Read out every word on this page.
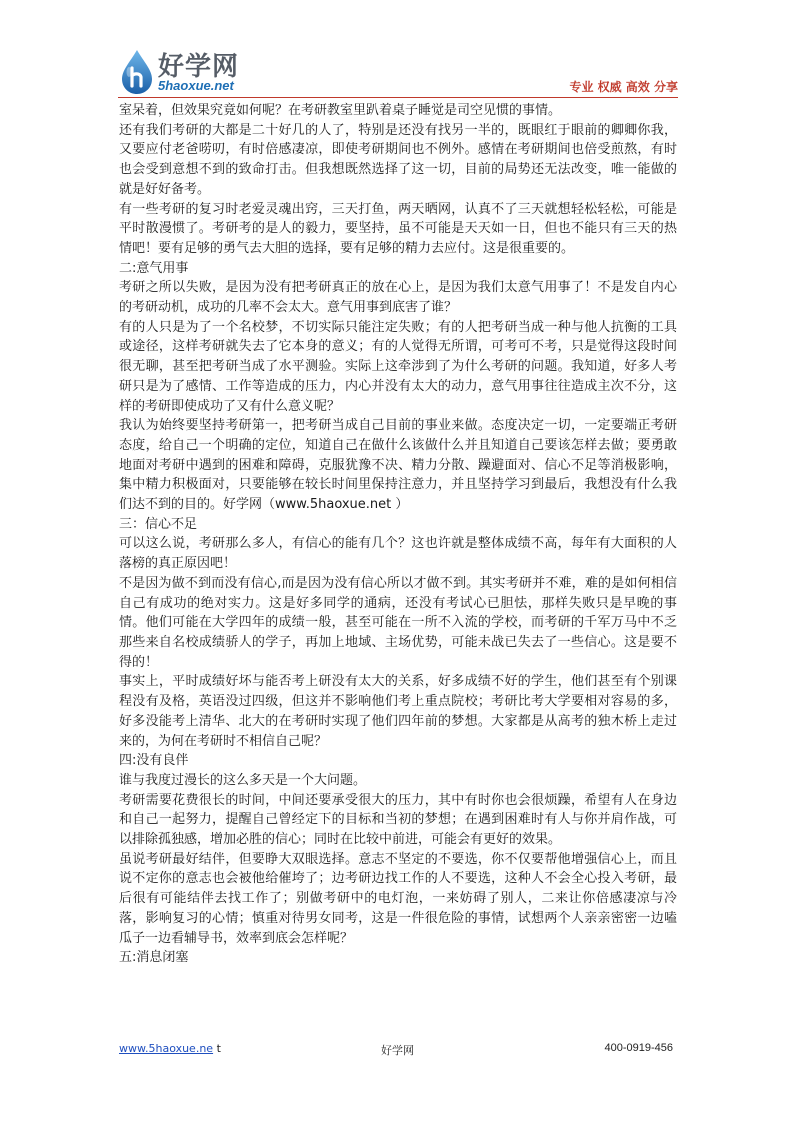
好学网
5haoxue.net	专业 权威 高效 分享

室呆着，但效果究竟如何呢？在考研教室里趴着桌子睡觉是司空见惯的事情。

还有我们考研的大都是二十好几的人了，特别是还没有找另一半的，既眼红于眼前的卿卿你我，又要应付老爸唠叨，有时倍感凄凉，即使考研期间也不例外。感情在考研期间也倍受煎熬，有时也会受到意想不到的致命打击。但我想既然选择了这一切，目前的局势还无法改变，唯一能做的就是好好备考。

有一些考研的复习时老爱灵魂出窍，三天打鱼，两天晒网，认真不了三天就想轻松轻松，可能是平时散漫惯了。考研考的是人的毅力，要坚持，虽不可能是天天如一日，但也不能只有三天的热情吧！要有足够的勇气去大胆的选择，要有足够的精力去应付。这是很重要的。

二:意气用事

考研之所以失败，是因为没有把考研真正的放在心上，是因为我们太意气用事了！不是发自内心的考研动机，成功的几率不会太大。意气用事到底害了谁？

有的人只是为了一个名校梦，不切实际只能注定失败；有的人把考研当成一种与他人抗衡的工具或途径，这样考研就失去了它本身的意义；有的人觉得无所谓，可考可不考，只是觉得这段时间很无聊，甚至把考研当成了水平测验。实际上这牵涉到了为什么考研的问题。我知道，好多人考研只是为了感情、工作等造成的压力，内心并没有太大的动力，意气用事往往造成主次不分，这样的考研即使成功了又有什么意义呢？

我认为始终要坚持考研第一，把考研当成自己目前的事业来做。态度决定一切，一定要端正考研态度，给自己一个明确的定位，知道自己在做什么该做什么并且知道自己要该怎样去做；要勇敢地面对考研中遇到的困难和障碍，克服犹豫不决、精力分散、躁避面对、信心不足等消极影响，集中精力积极面对，只要能够在较长时间里保持注意力，并且坚持学习到最后，我想没有什么我们达不到的目的。好学网（www.5haoxue.net ）

三：信心不足

可以这么说，考研那么多人，有信心的能有几个？这也许就是整体成绩不高，每年有大面积的人落榜的真正原因吧！

不是因为做不到而没有信心,而是因为没有信心所以才做不到。其实考研并不难，难的是如何相信自己有成功的绝对实力。这是好多同学的通病，还没有考试心已胆怯，那样失败只是早晚的事情。他们可能在大学四年的成绩一般，甚至可能在一所不入流的学校，而考研的千军万马中不乏那些来自名校成绩骄人的学子，再加上地域、主场优势，可能未战已失去了一些信心。这是要不得的！

事实上，平时成绩好坏与能否考上研没有太大的关系，好多成绩不好的学生，他们甚至有个别课程没有及格，英语没过四级，但这并不影响他们考上重点院校；考研比考大学要相对容易的多，好多没能考上清华、北大的在考研时实现了他们四年前的梦想。大家都是从高考的独木桥上走过来的，为何在考研时不相信自己呢？

四:没有良伴

谁与我度过漫长的这么多天是一个大问题。

考研需要花费很长的时间，中间还要承受很大的压力，其中有时你也会很烦躁，希望有人在身边和自己一起努力，提醒自己曾经定下的目标和当初的梦想；在遇到困难时有人与你并肩作战，可以排除孤独感，增加必胜的信心；同时在比较中前进，可能会有更好的效果。

虽说考研最好结伴，但要睁大双眼选择。意志不坚定的不要选，你不仅要帮他增强信心上，而且说不定你的意志也会被他给催垮了；边考研边找工作的人不要选，这种人不会全心投入考研，最后很有可能结伴去找工作了；别做考研中的电灯泡，一来妨碍了别人，二来让你倍感凄凉与冷落，影响复习的心情；慎重对待男女同考，这是一件很危险的事情，试想两个人亲亲密密一边嗑瓜子一边看辅导书，效率到底会怎样呢？

五:消息闭塞

www.5haoxue.ne t	好学网	400-0919-456
